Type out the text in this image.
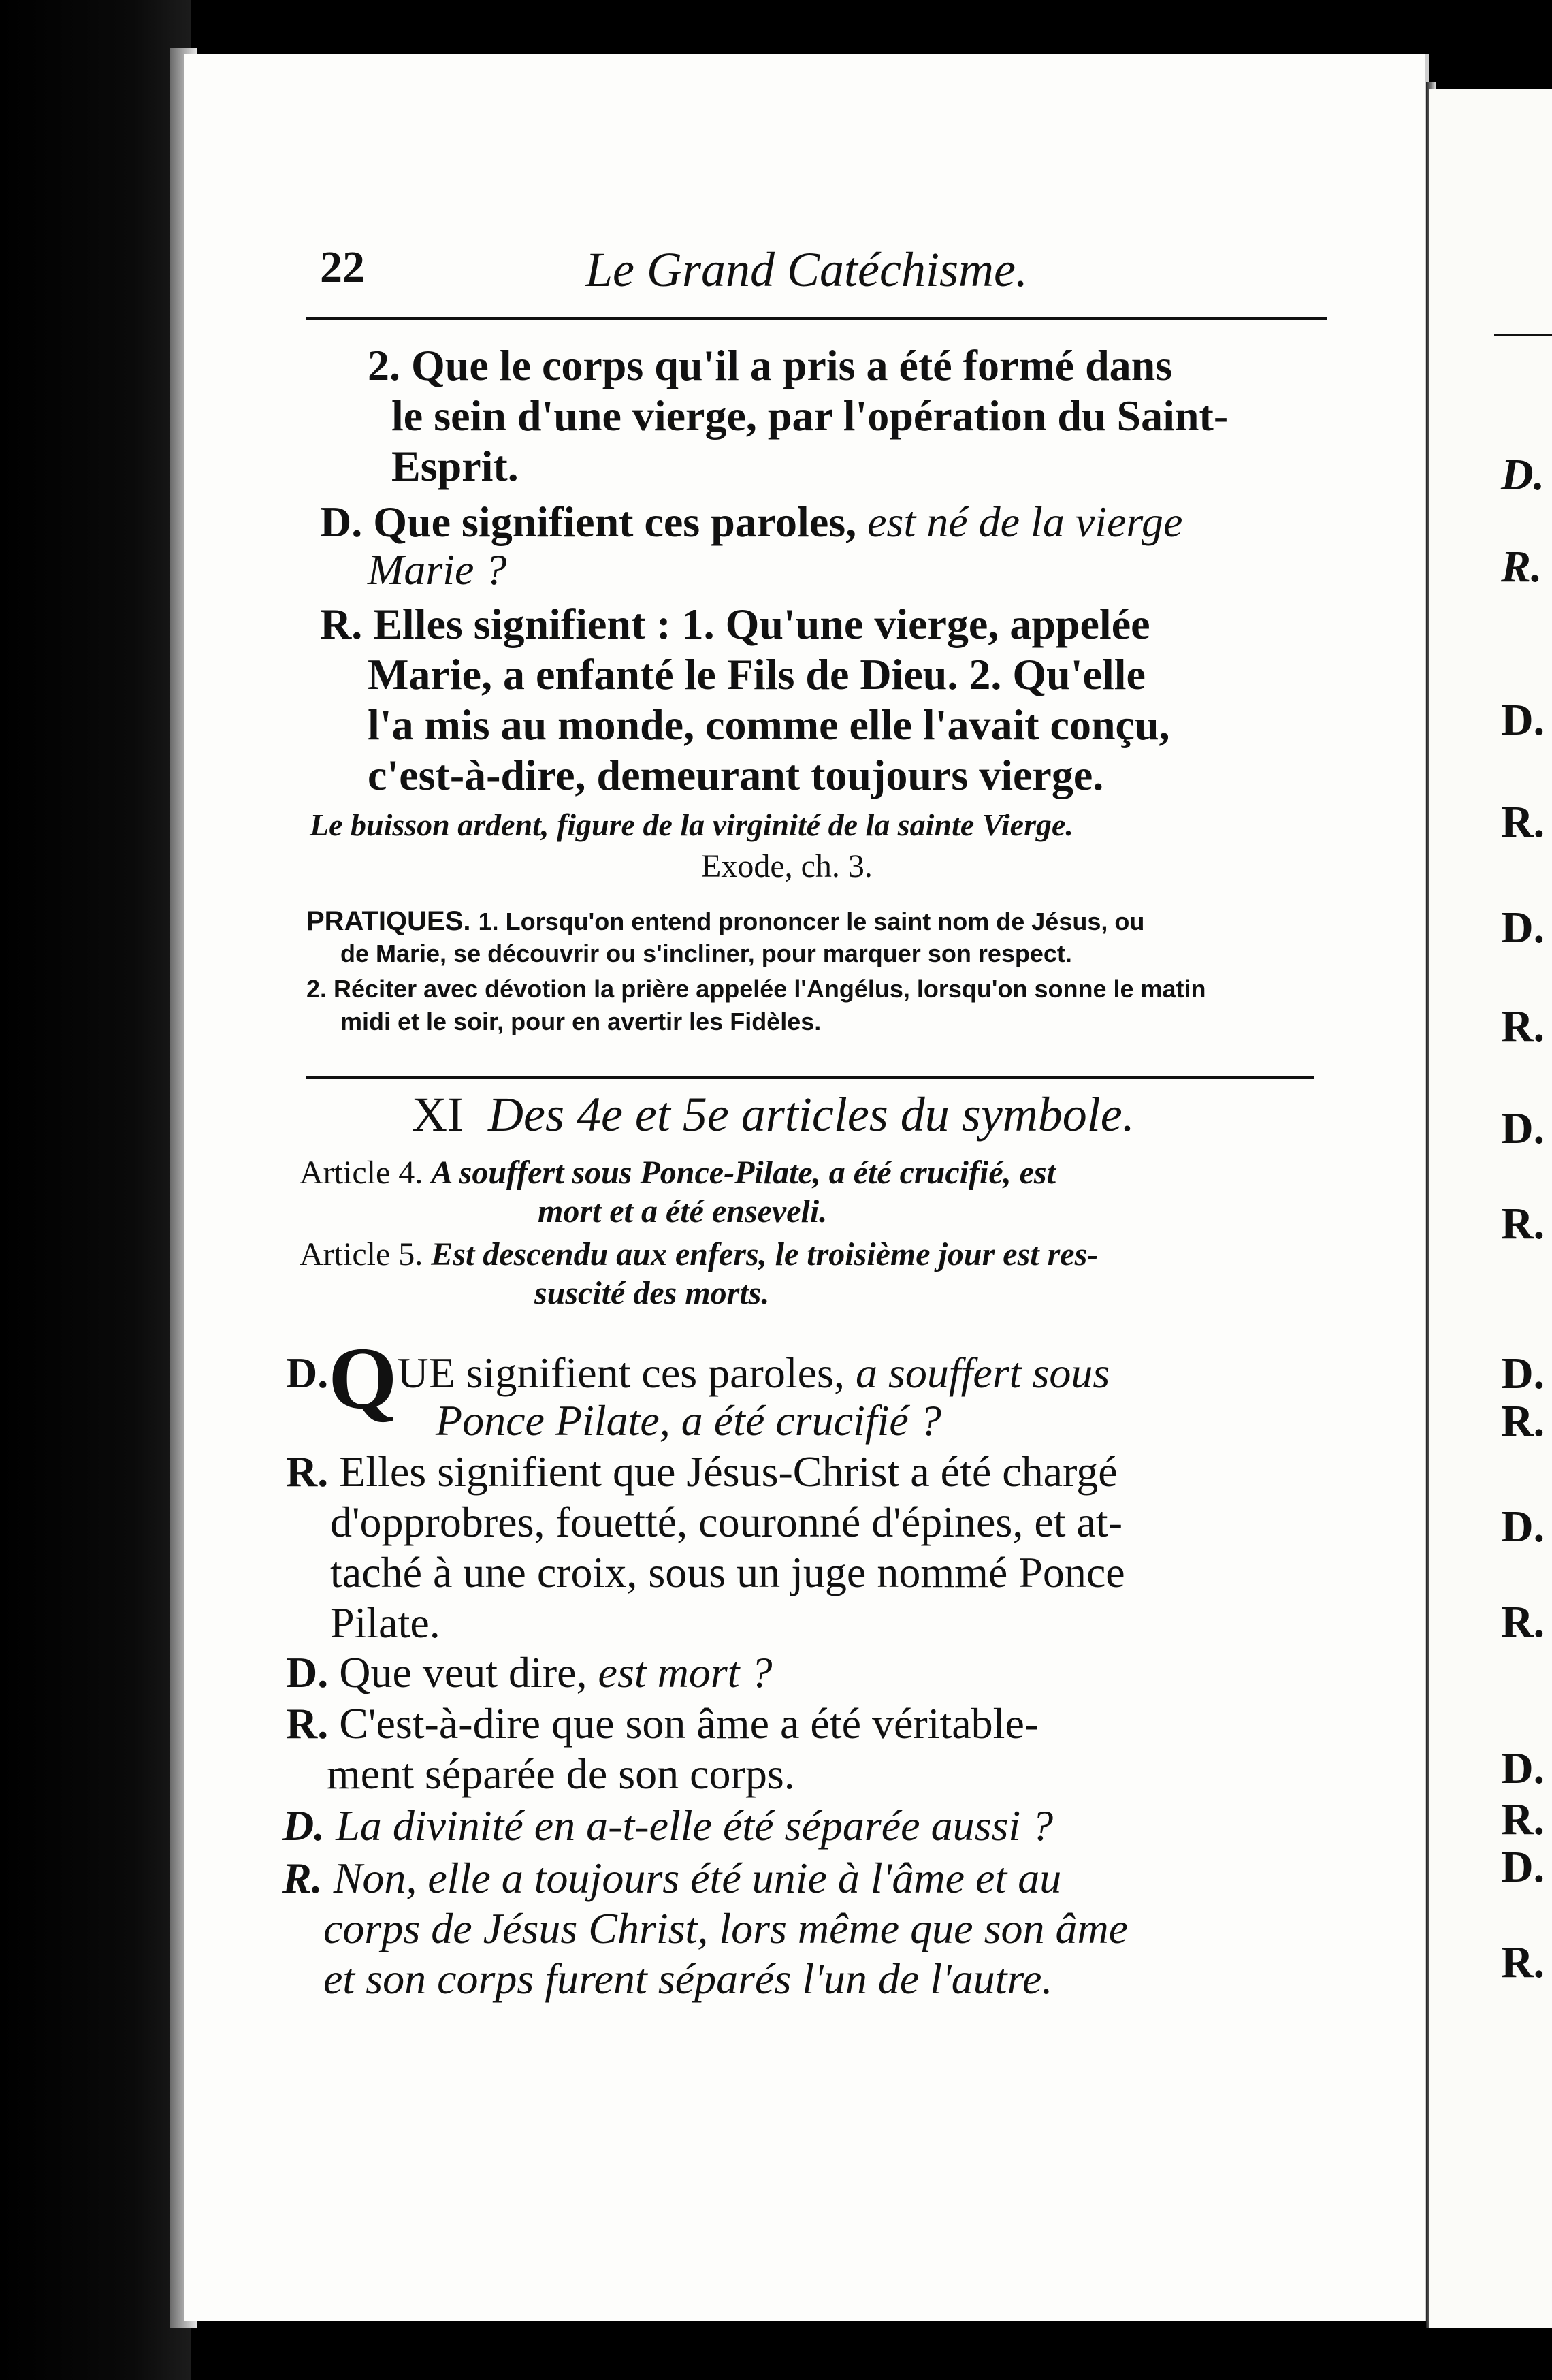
D.
R.
D.
R.
D.
R.
D.
R.
D.
R.
D.
R.
D.
R.
D.
R.
22	Le Grand Catéchisme.
2. Que le corps qu'il a pris a été formé dans
le sein d'une vierge, par l'opération du Saint-
Esprit.
D. Que signifient ces paroles, est né de la vierge
Marie ?
R. Elles signifient : 1. Qu'une vierge, appelée
Marie, a enfanté le Fils de Dieu. 2. Qu'elle
l'a mis au monde, comme elle l'avait conçu,
c'est-à-dire, demeurant toujours vierge.
Le buisson ardent, figure de la virginité de la sainte Vierge.
Exode, ch. 3.
PRATIQUES. 1. Lorsqu'on entend prononcer le saint nom de Jésus, ou
de Marie, se découvrir ou s'incliner, pour marquer son respect.
2. Réciter avec dévotion la prière appelée l'Angélus, lorsqu'on sonne le matin
midi et le soir, pour en avertir les Fidèles.
XI Des 4e et 5e articles du symbole.
Article 4. A souffert sous Ponce-Pilate, a été crucifié, est
mort et a été enseveli.
Article 5. Est descendu aux enfers, le troisième jour est res-
suscité des morts.
D.QUE signifient ces paroles, a souffert sous
Ponce Pilate, a été crucifié ?
R. Elles signifient que Jésus-Christ a été chargé
d'opprobres, fouetté, couronné d'épines, et at-
taché à une croix, sous un juge nommé Ponce
Pilate.
D. Que veut dire, est mort ?
R. C'est-à-dire que son âme a été véritable-
ment séparée de son corps.
D. La divinité en a-t-elle été séparée aussi ?
R. Non, elle a toujours été unie à l'âme et au
corps de Jésus Christ, lors même que son âme
et son corps furent séparés l'un de l'autre.
